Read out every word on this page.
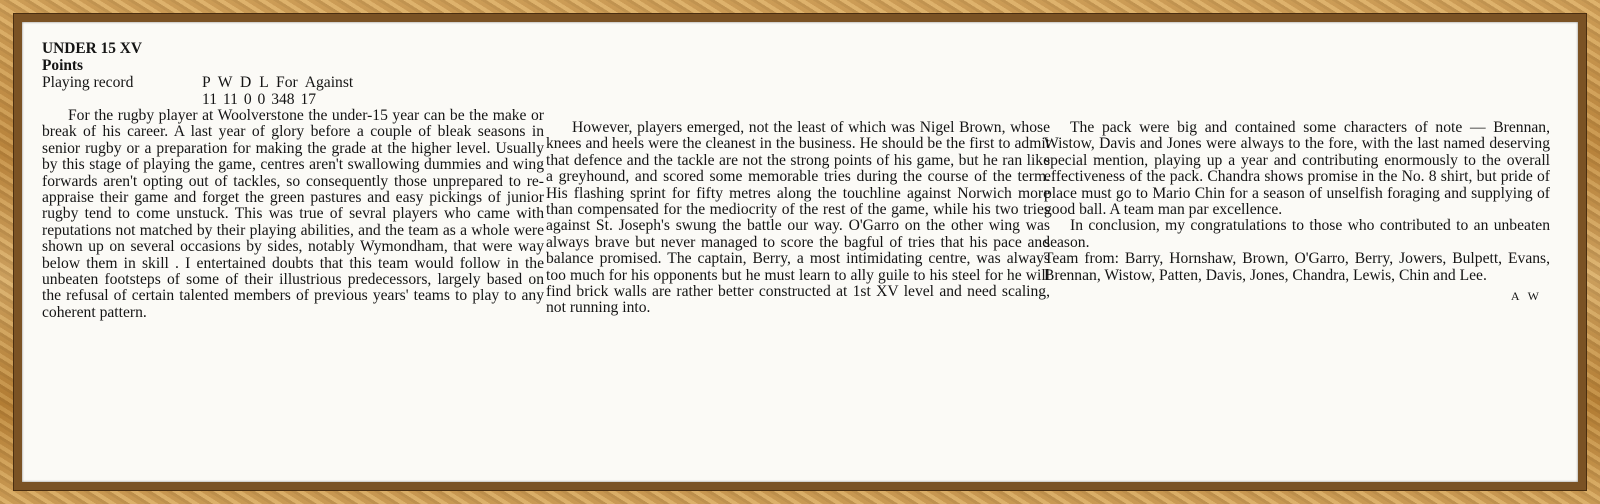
UNDER 15 XV
Points
Playing record	P W D L For Against
11 11 0 0 348 17

For the rugby player at Woolverstone the under-15 year can be the make or break of his career. A last year of glory before a couple of bleak seasons in senior rugby or a preparation for making the grade at the higher level. Usually by this stage of playing the game, centres aren't swallowing dummies and wing forwards aren't opting out of tackles, so consequently those unprepared to re-appraise their game and forget the green pastures and easy pickings of junior rugby tend to come unstuck. This was true of sevral players who came with reputations not matched by their playing abilities, and the team as a whole were shown up on several occasions by sides, notably Wymondham, that were way below them in skill . I entertained doubts that this team would follow in the unbeaten footsteps of some of their illustrious predecessors, largely based on the refusal of certain talented members of previous years' teams to play to any coherent pattern.

However, players emerged, not the least of which was Nigel Brown, whose knees and heels were the cleanest in the business. He should be the first to admit that defence and the tackle are not the strong points of his game, but he ran like a greyhound, and scored some memorable tries during the course of the term. His flashing sprint for fifty metres along the touchline against Norwich more than compensated for the mediocrity of the rest of the game, while his two tries against St. Joseph's swung the battle our way. O'Garro on the other wing was always brave but never managed to score the bagful of tries that his pace and balance promised. The captain, Berry, a most intimidating centre, was always too much for his opponents but he must learn to ally guile to his steel for he will find brick walls are rather better constructed at 1st XV level and need scaling, not running into.

The pack were big and contained some characters of note — Brennan, Wistow, Davis and Jones were always to the fore, with the last named deserving special mention, playing up a year and contributing enormously to the overall effectiveness of the pack. Chandra shows promise in the No. 8 shirt, but pride of place must go to Mario Chin for a season of unselfish foraging and supplying of good ball. A team man par excellence.

In conclusion, my congratulations to those who contributed to an unbeaten season.

Team from: Barry, Hornshaw, Brown, O'Garro, Berry, Jowers, Bulpett, Evans, Brennan, Wistow, Patten, Davis, Jones, Chandra, Lewis, Chin and Lee.

A W
